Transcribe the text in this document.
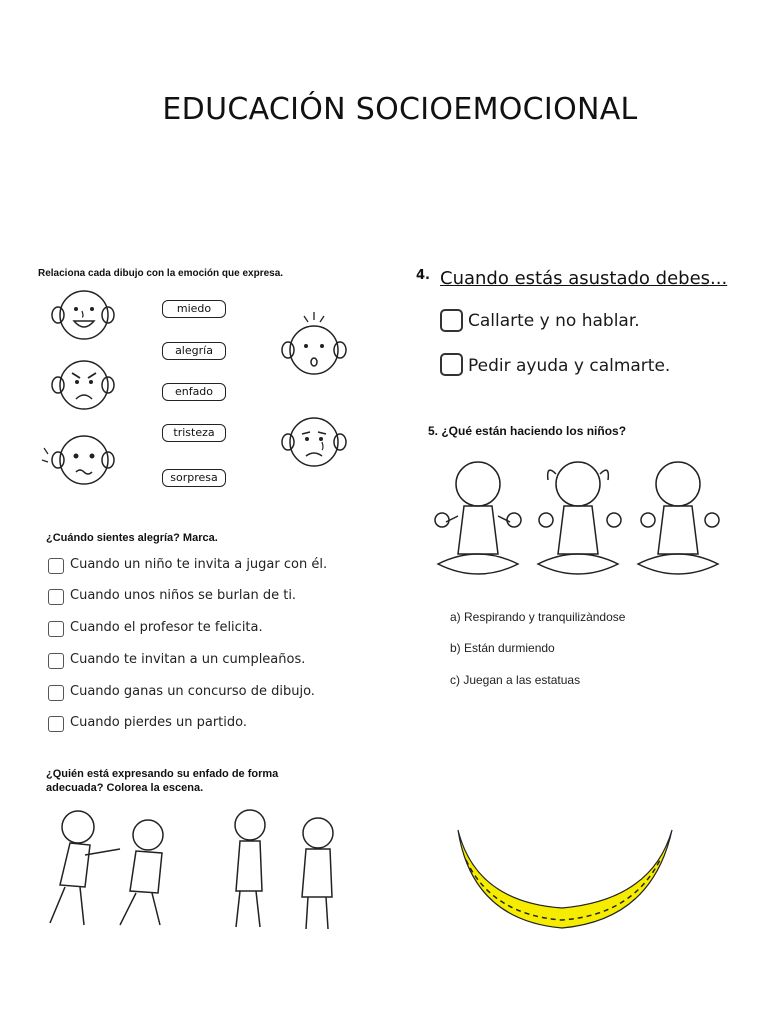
EDUCACIÓN SOCIOEMOCIONAL
Relaciona cada dibujo con la emoción que expresa.
miedo
alegría
enfado
tristeza
sorpresa
¿Cuándo sientes alegría? Marca.
Cuando un niño te invita a jugar con él.
Cuando unos niños se burlan de ti.
Cuando el profesor te felicita.
Cuando te invitan a un cumpleaños.
Cuando ganas un concurso de dibujo.
Cuando pierdes un partido.
¿Quién está expresando su enfado de forma
adecuada? Colorea la escena.
4. Cuando estás asustado debes...
Callarte y no hablar.
Pedir ayuda y calmarte.
5. ¿Qué están haciendo los niños?
a) Respirando y tranquilizàndose
b) Están durmiendo
c) Juegan a las estatuas
